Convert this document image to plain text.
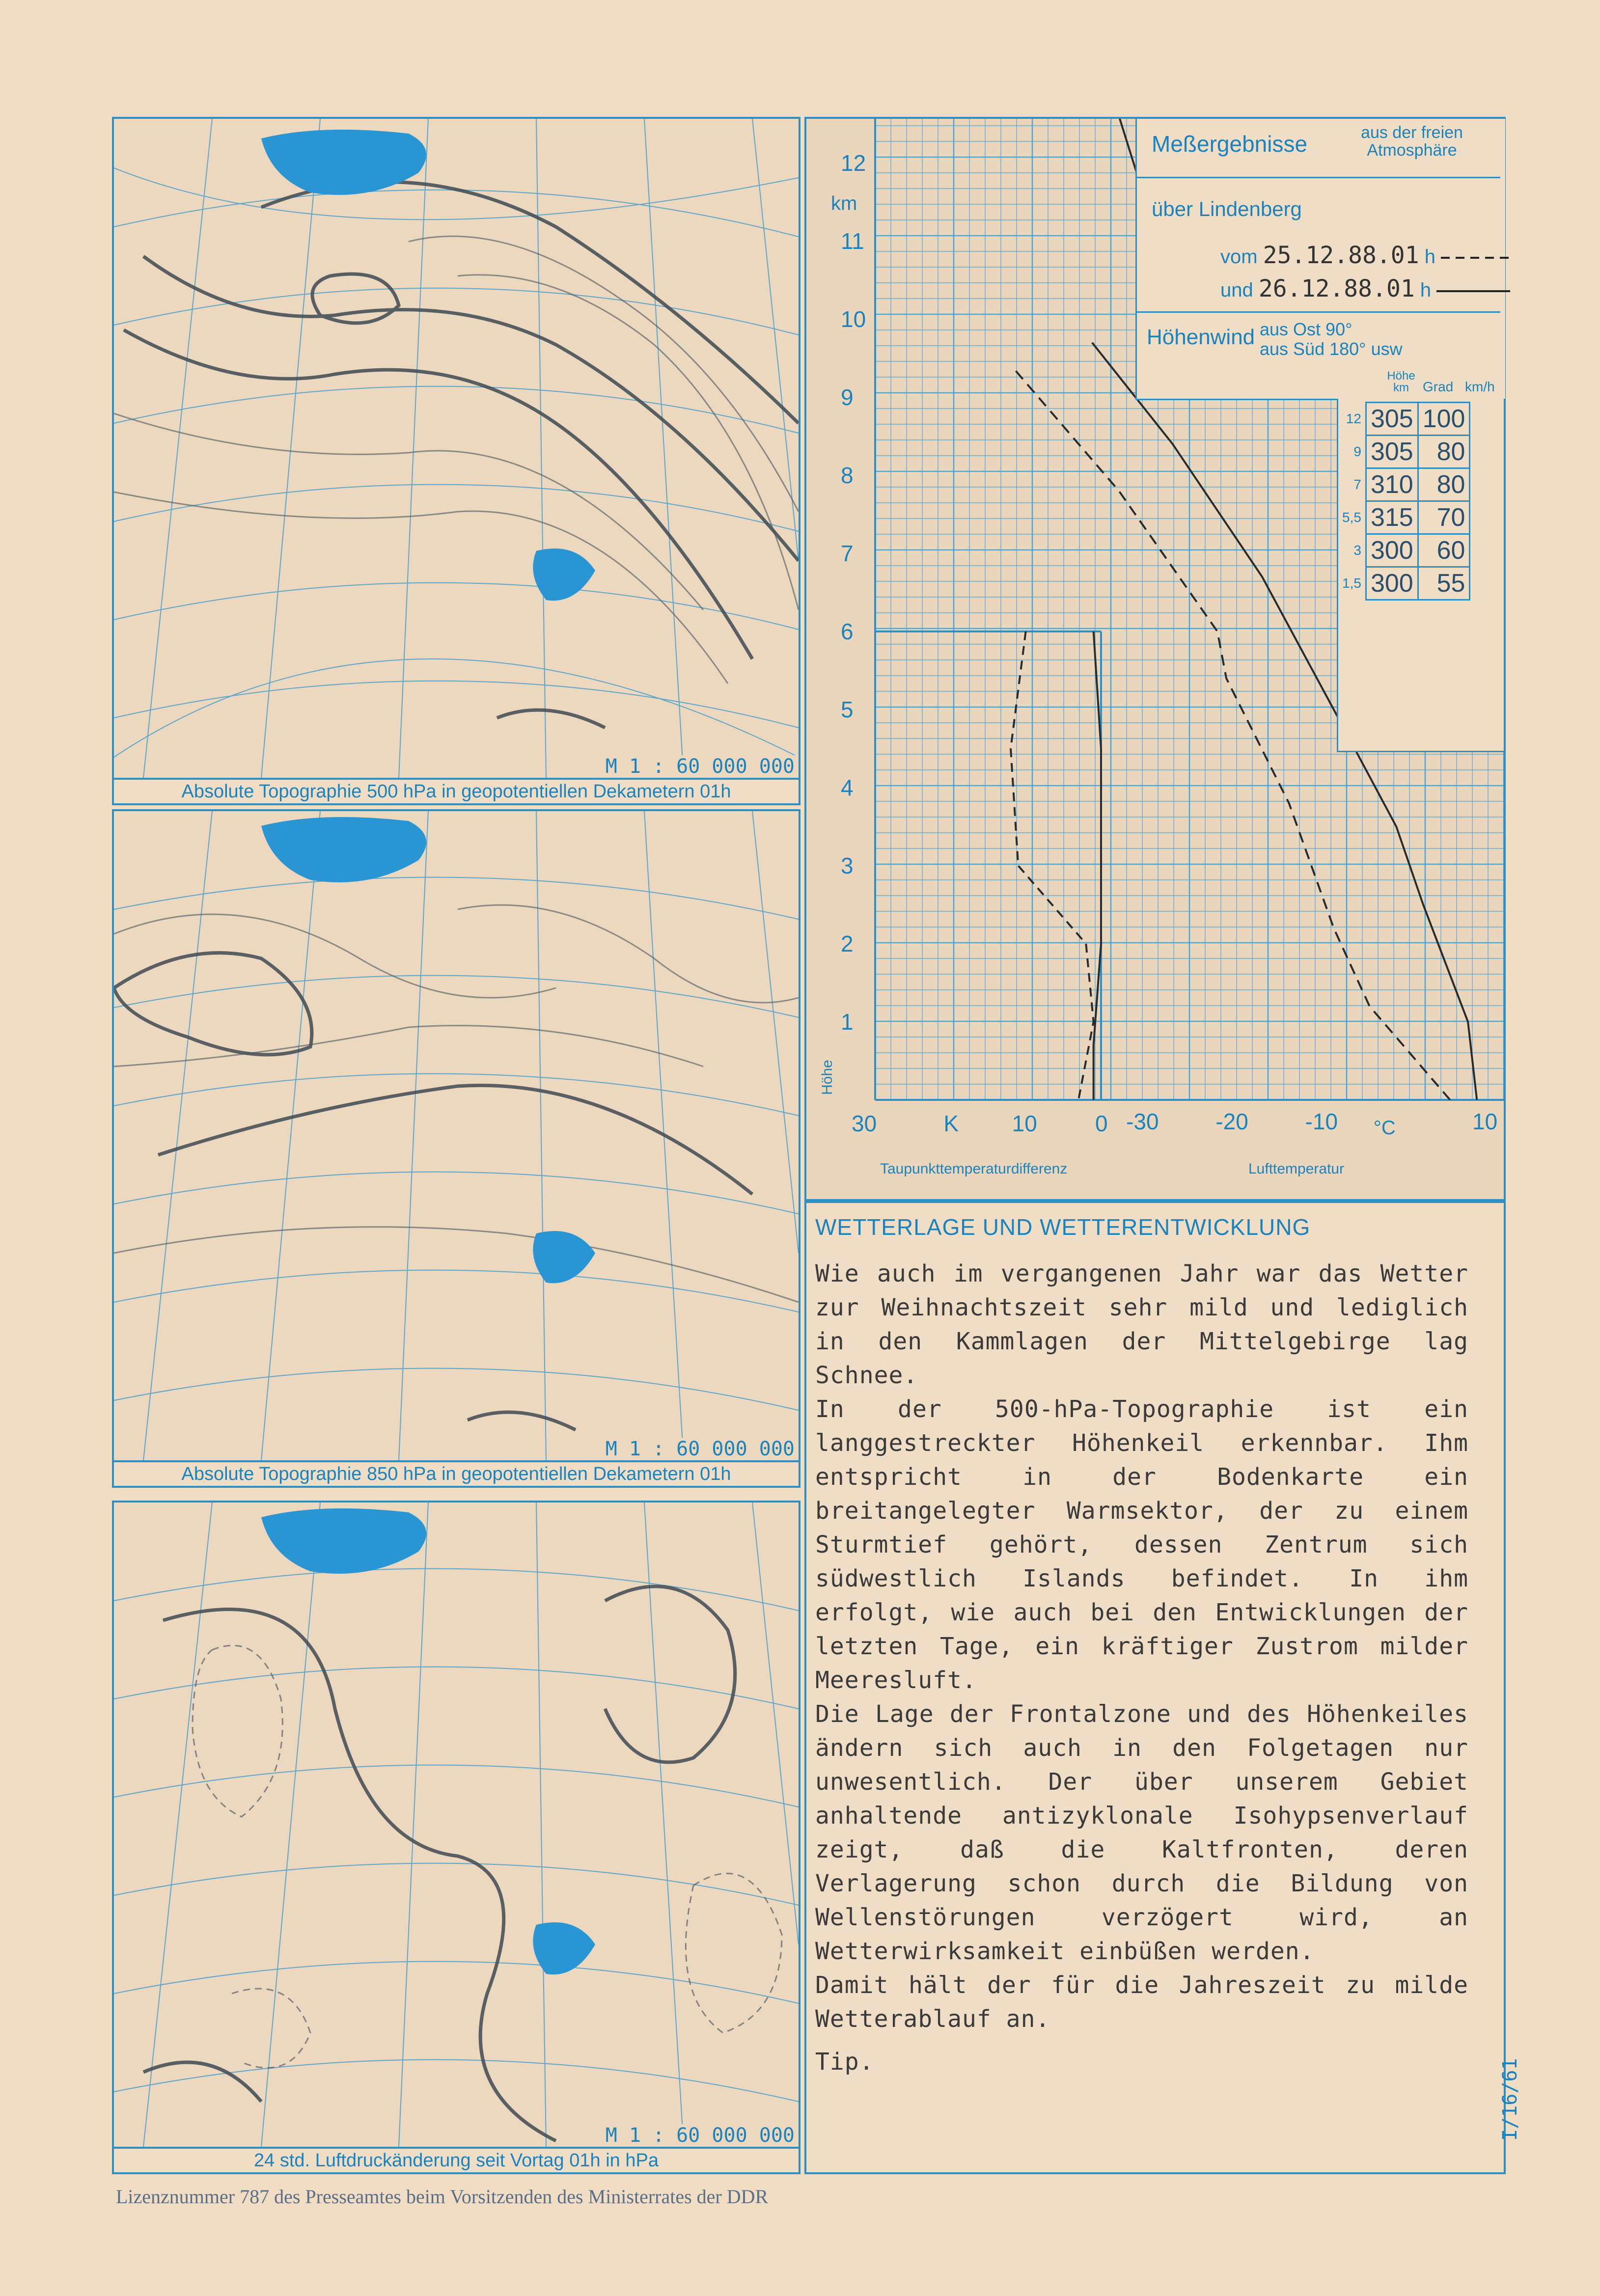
M 1 : 60 000 000
Absolute Topographie 500 hPa in geopotentiellen Dekametern 01h
M 1 : 60 000 000
Absolute Topographie 850 hPa in geopotentiellen Dekametern 01h
M 1 : 60 000 000
24 std. Luftdruckänderung seit Vortag 01h in hPa
12
11
10
9
8
7
6
5
4
3
2
1
km
Höhe
30	10	0
K	-30	-20	-10	10
°C
Taupunkttemperaturdifferenz	Lufttemperatur
Meßergebnisse	aus der freien Atmosphäre
über Lindenberg
vom 25.12.88.01 h
und 26.12.88.01 h
Höhenwind aus Ost 90°
aus Süd 180° usw
Höhe km	Grad km/h
12	305	100
9	305	80
7	310	80
5,5	315	70
3	300	60
1,5	300	55
WETTERLAGE UND WETTERENTWICKLUNG

Wie auch im vergangenen Jahr war das Wetter zur Weihnachtszeit sehr mild und lediglich in den Kammlagen der Mittelgebirge lag Schnee.

In der 500-hPa-Topographie ist ein langgestreckter Höhenkeil erkennbar. Ihm entspricht in der Bodenkarte ein breitangelegter Warmsektor, der zu einem Sturmtief gehört, dessen Zentrum sich südwestlich Islands befindet. In ihm erfolgt, wie auch bei den Entwicklungen der letzten Tage, ein kräftiger Zustrom milder Meeresluft.

Die Lage der Frontalzone und des Höhenkeiles ändern sich auch in den Folgetagen nur unwesentlich. Der über unserem Gebiet anhaltende antizyklonale Isohypsenverlauf zeigt, daß die Kaltfronten, deren Verlagerung schon durch die Bildung von Wellenstörungen verzögert wird, an Wetterwirksamkeit einbüßen werden.

Damit hält der für die Jahreszeit zu milde Wetterablauf an.

Tip.	I/16/61
Lizenznummer 787 des Presseamtes beim Vorsitzenden des Ministerrates der DDR
